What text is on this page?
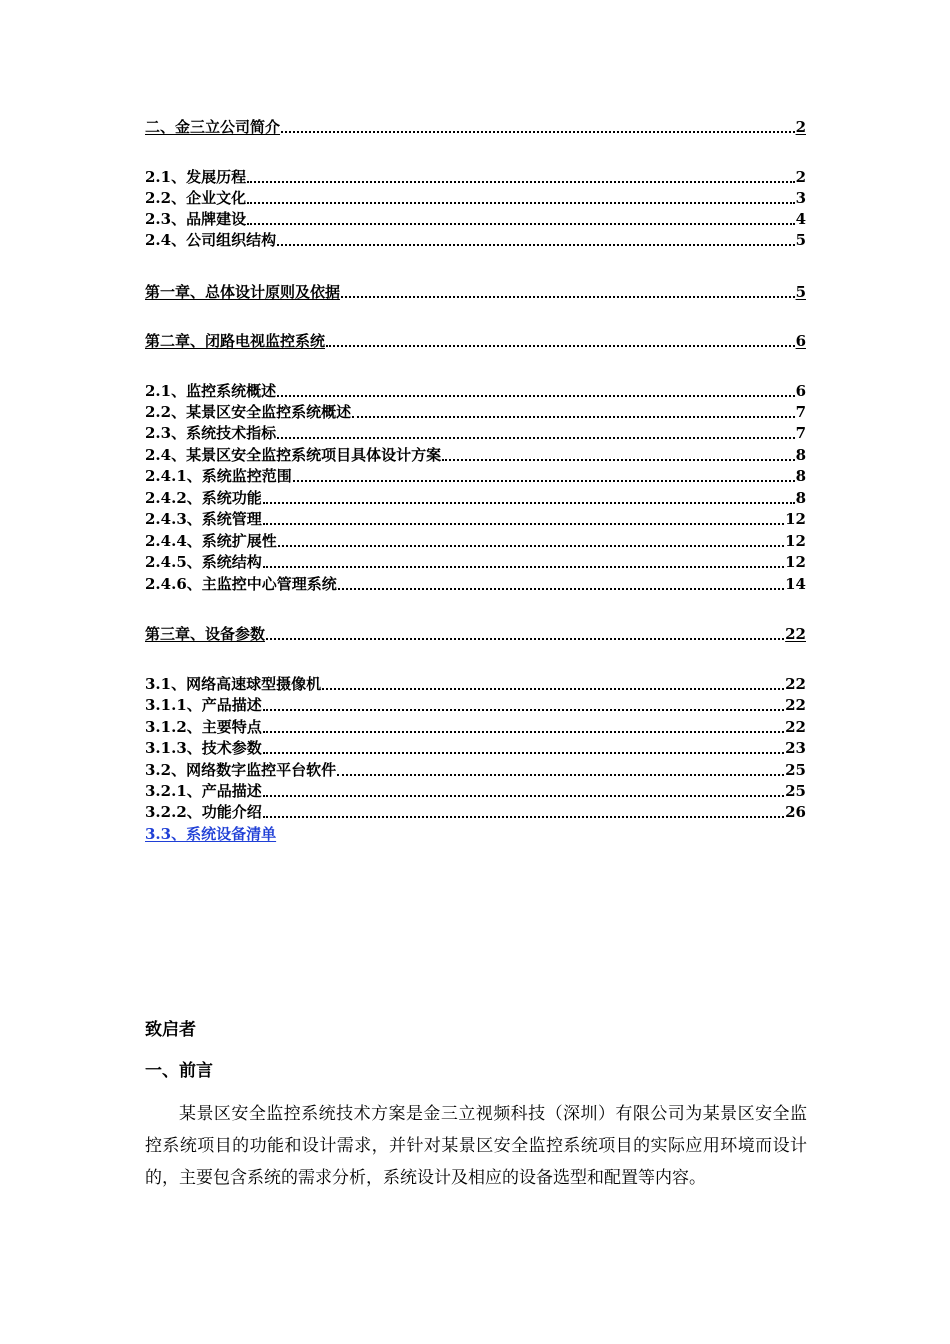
二、金三立公司简介	2
2.1、发展历程	2
2.2、企业文化	3
2.3、品牌建设	4
2.4、公司组织结构	5
第一章、总体设计原则及依据	5
第二章、闭路电视监控系统	6
2.1、监控系统概述	6
2.2、某景区安全监控系统概述	7
2.3、系统技术指标	7
2.4、某景区安全监控系统项目具体设计方案	8
2.4.1、系统监控范围	8
2.4.2、系统功能	8
2.4.3、系统管理	12
2.4.4、系统扩展性	12
2.4.5、系统结构	12
2.4.6、主监控中心管理系统	14
第三章、设备参数	22
3.1、网络高速球型摄像机	22
3.1.1、产品描述	22
3.1.2、主要特点	22
3.1.3、技术参数	23
3.2、网络数字监控平台软件	25
3.2.1、产品描述	25
3.2.2、功能介绍	26
3.3、系统设备清单
致启者
一、前言

某景区安全监控系统技术方案是金三立视频科技（深圳）有限公司为某景区安全监控系统项目的功能和设计需求，并针对某景区安全监控系统项目的实际应用环境而设计的，主要包含系统的需求分析，系统设计及相应的设备选型和配置等内容。
